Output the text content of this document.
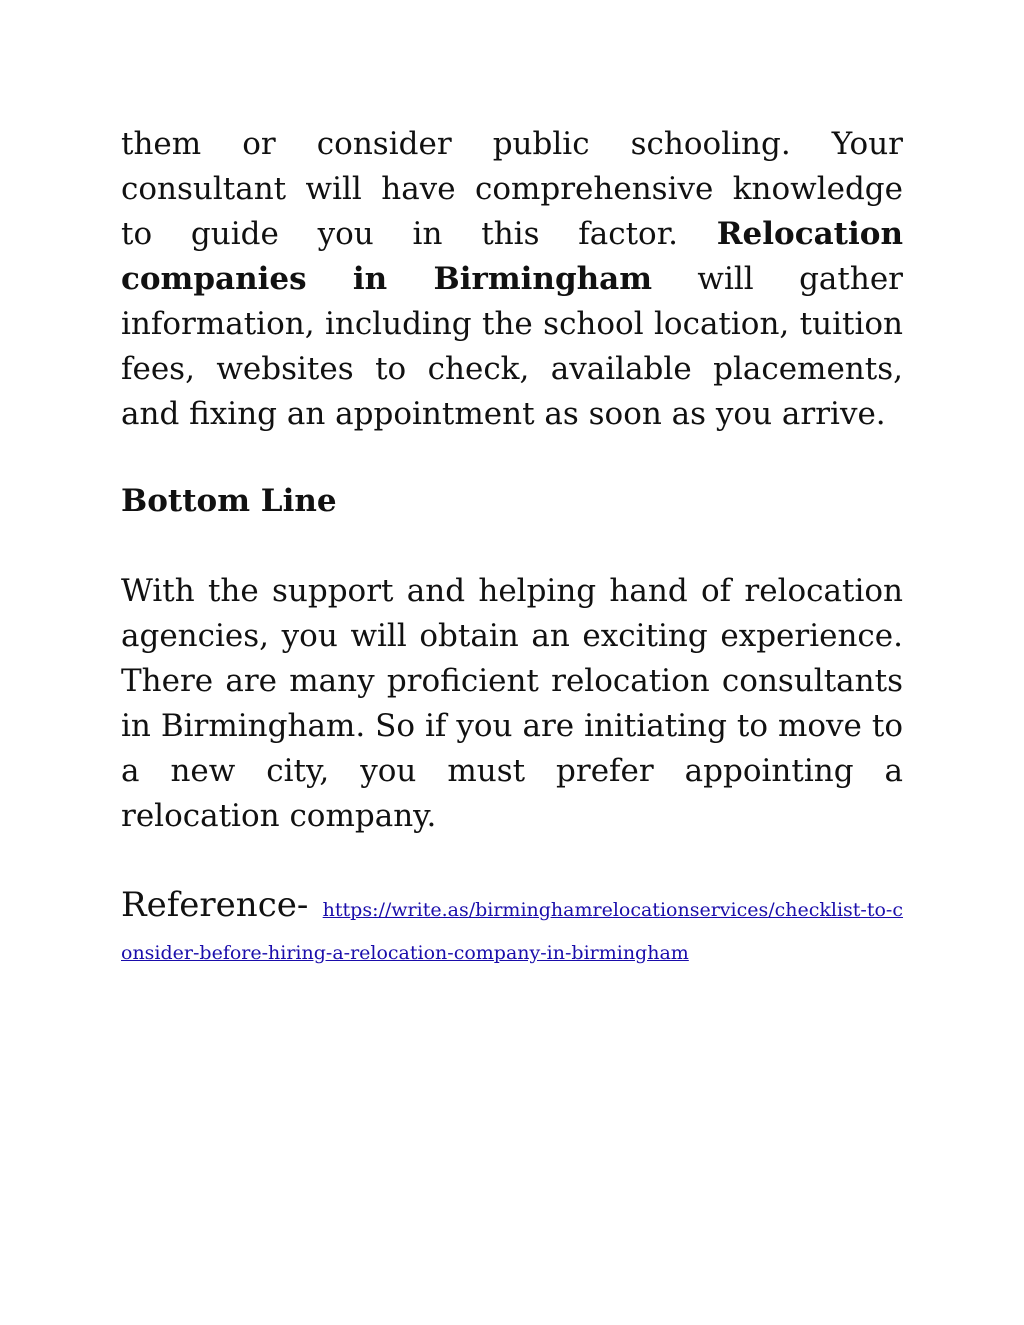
them or consider public schooling. Your consultant will have comprehensive knowledge to guide you in this factor. Relocation companies in Birmingham will gather information, including the school location, tuition fees, websites to check, available placements, and fixing an appointment as soon as you arrive.

Bottom Line

With the support and helping hand of relocation agencies, you will obtain an exciting experience. There are many proficient relocation consultants in Birmingham. So if you are initiating to move to a new city, you must prefer appointing a relocation company.

Reference- https://write.as/birminghamrelocationservices/checklist-to-consider-before-hiring-a-relocation-company-in-birmingham
